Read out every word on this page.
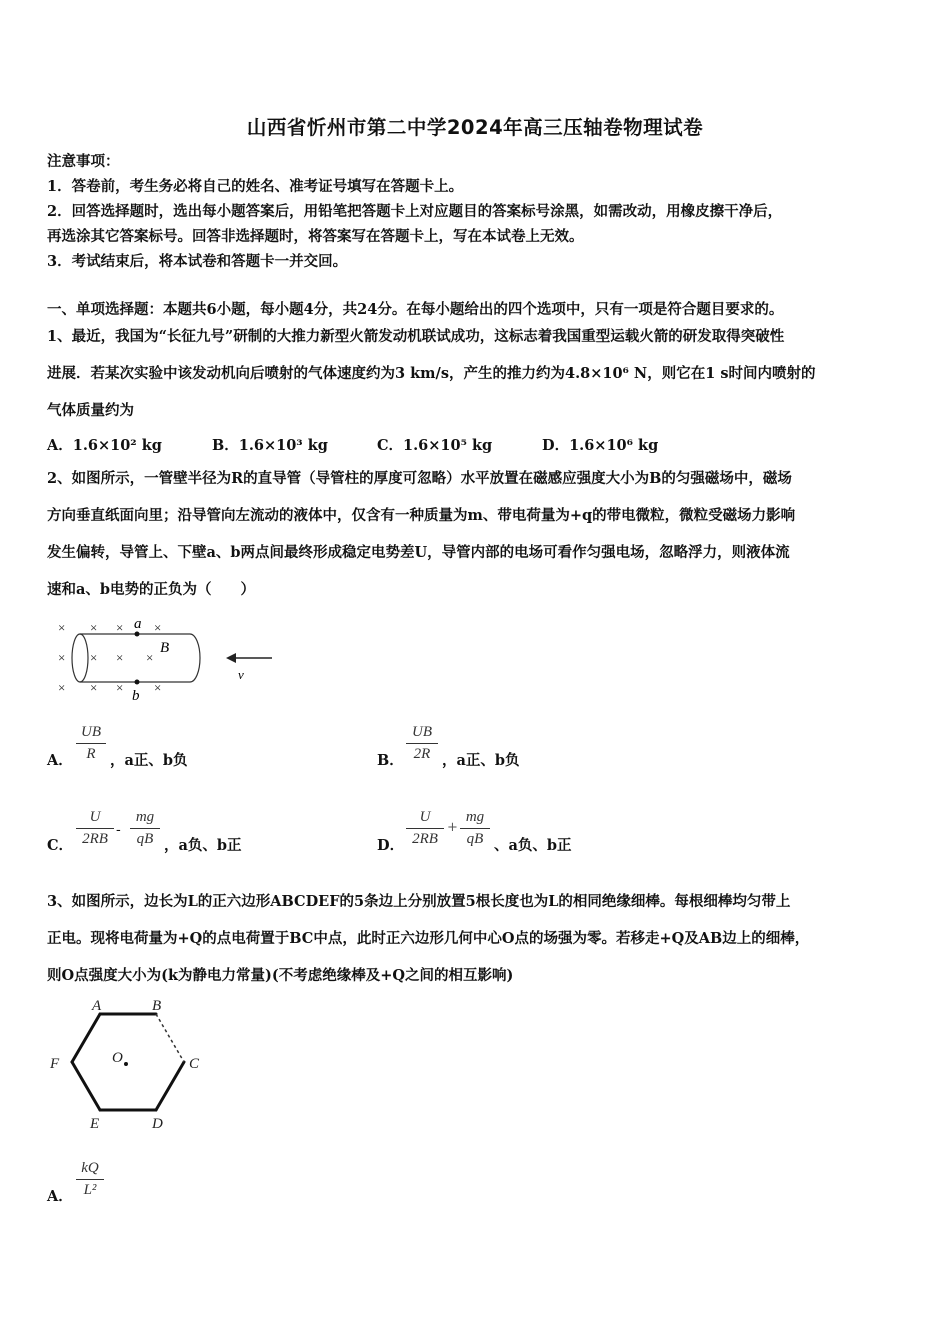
山西省忻州市第二中学2024年高三压轴卷物理试卷
注意事项：
1．答卷前，考生务必将自己的姓名、准考证号填写在答题卡上。
2．回答选择题时，选出每小题答案后，用铅笔把答题卡上对应题目的答案标号涂黑，如需改动，用橡皮擦干净后，
再选涂其它答案标号。回答非选择题时，将答案写在答题卡上，写在本试卷上无效。
3．考试结束后，将本试卷和答题卡一并交回。
一、单项选择题：本题共6小题，每小题4分，共24分。在每小题给出的四个选项中，只有一项是符合题目要求的。
1、最近，我国为“长征九号”研制的大推力新型火箭发动机联试成功，这标志着我国重型运载火箭的研发取得突破性
进展．若某次实验中该发动机向后喷射的气体速度约为3 km/s，产生的推力约为4.8×10⁶ N，则它在1 s时间内喷射的
气体质量约为
A．1.6×10² kg	B．1.6×10³ kg	C．1.6×10⁵ kg	D．1.6×10⁶ kg
2、如图所示，一管壁半径为R的直导管（导管柱的厚度可忽略）水平放置在磁感应强度大小为B的匀强磁场中，磁场
方向垂直纸面向里；沿导管向左流动的液体中，仅含有一种质量为m、带电荷量为+q的带电微粒，微粒受磁场力影响
发生偏转，导管上、下壁a、b两点间最终形成稳定电势差U，导管内部的电场可看作匀强电场，忽略浮力，则液体流
速和a、b电势的正负为（　　）
× × × ×
× × × ×
× × × ×
a
b
B
v
A．
UB
R ，a正、b负	B．
UB
2R ，a正、b负
C．
U
2RB
-
mg
qB ，a负、b正	D．
U
2RB
+
mg
qB 、a负、b正
3、如图所示，边长为L的正六边形ABCDEF的5条边上分别放置5根长度也为L的相同绝缘细棒。每根细棒均匀带上
正电。现将电荷量为+Q的点电荷置于BC中点，此时正六边形几何中心O点的场强为零。若移走+Q及AB边上的细棒，
则O点强度大小为(k为静电力常量)(不考虑绝缘棒及+Q之间的相互影响)
A	B
C
D
E
F	O
A．
kQ
L²
